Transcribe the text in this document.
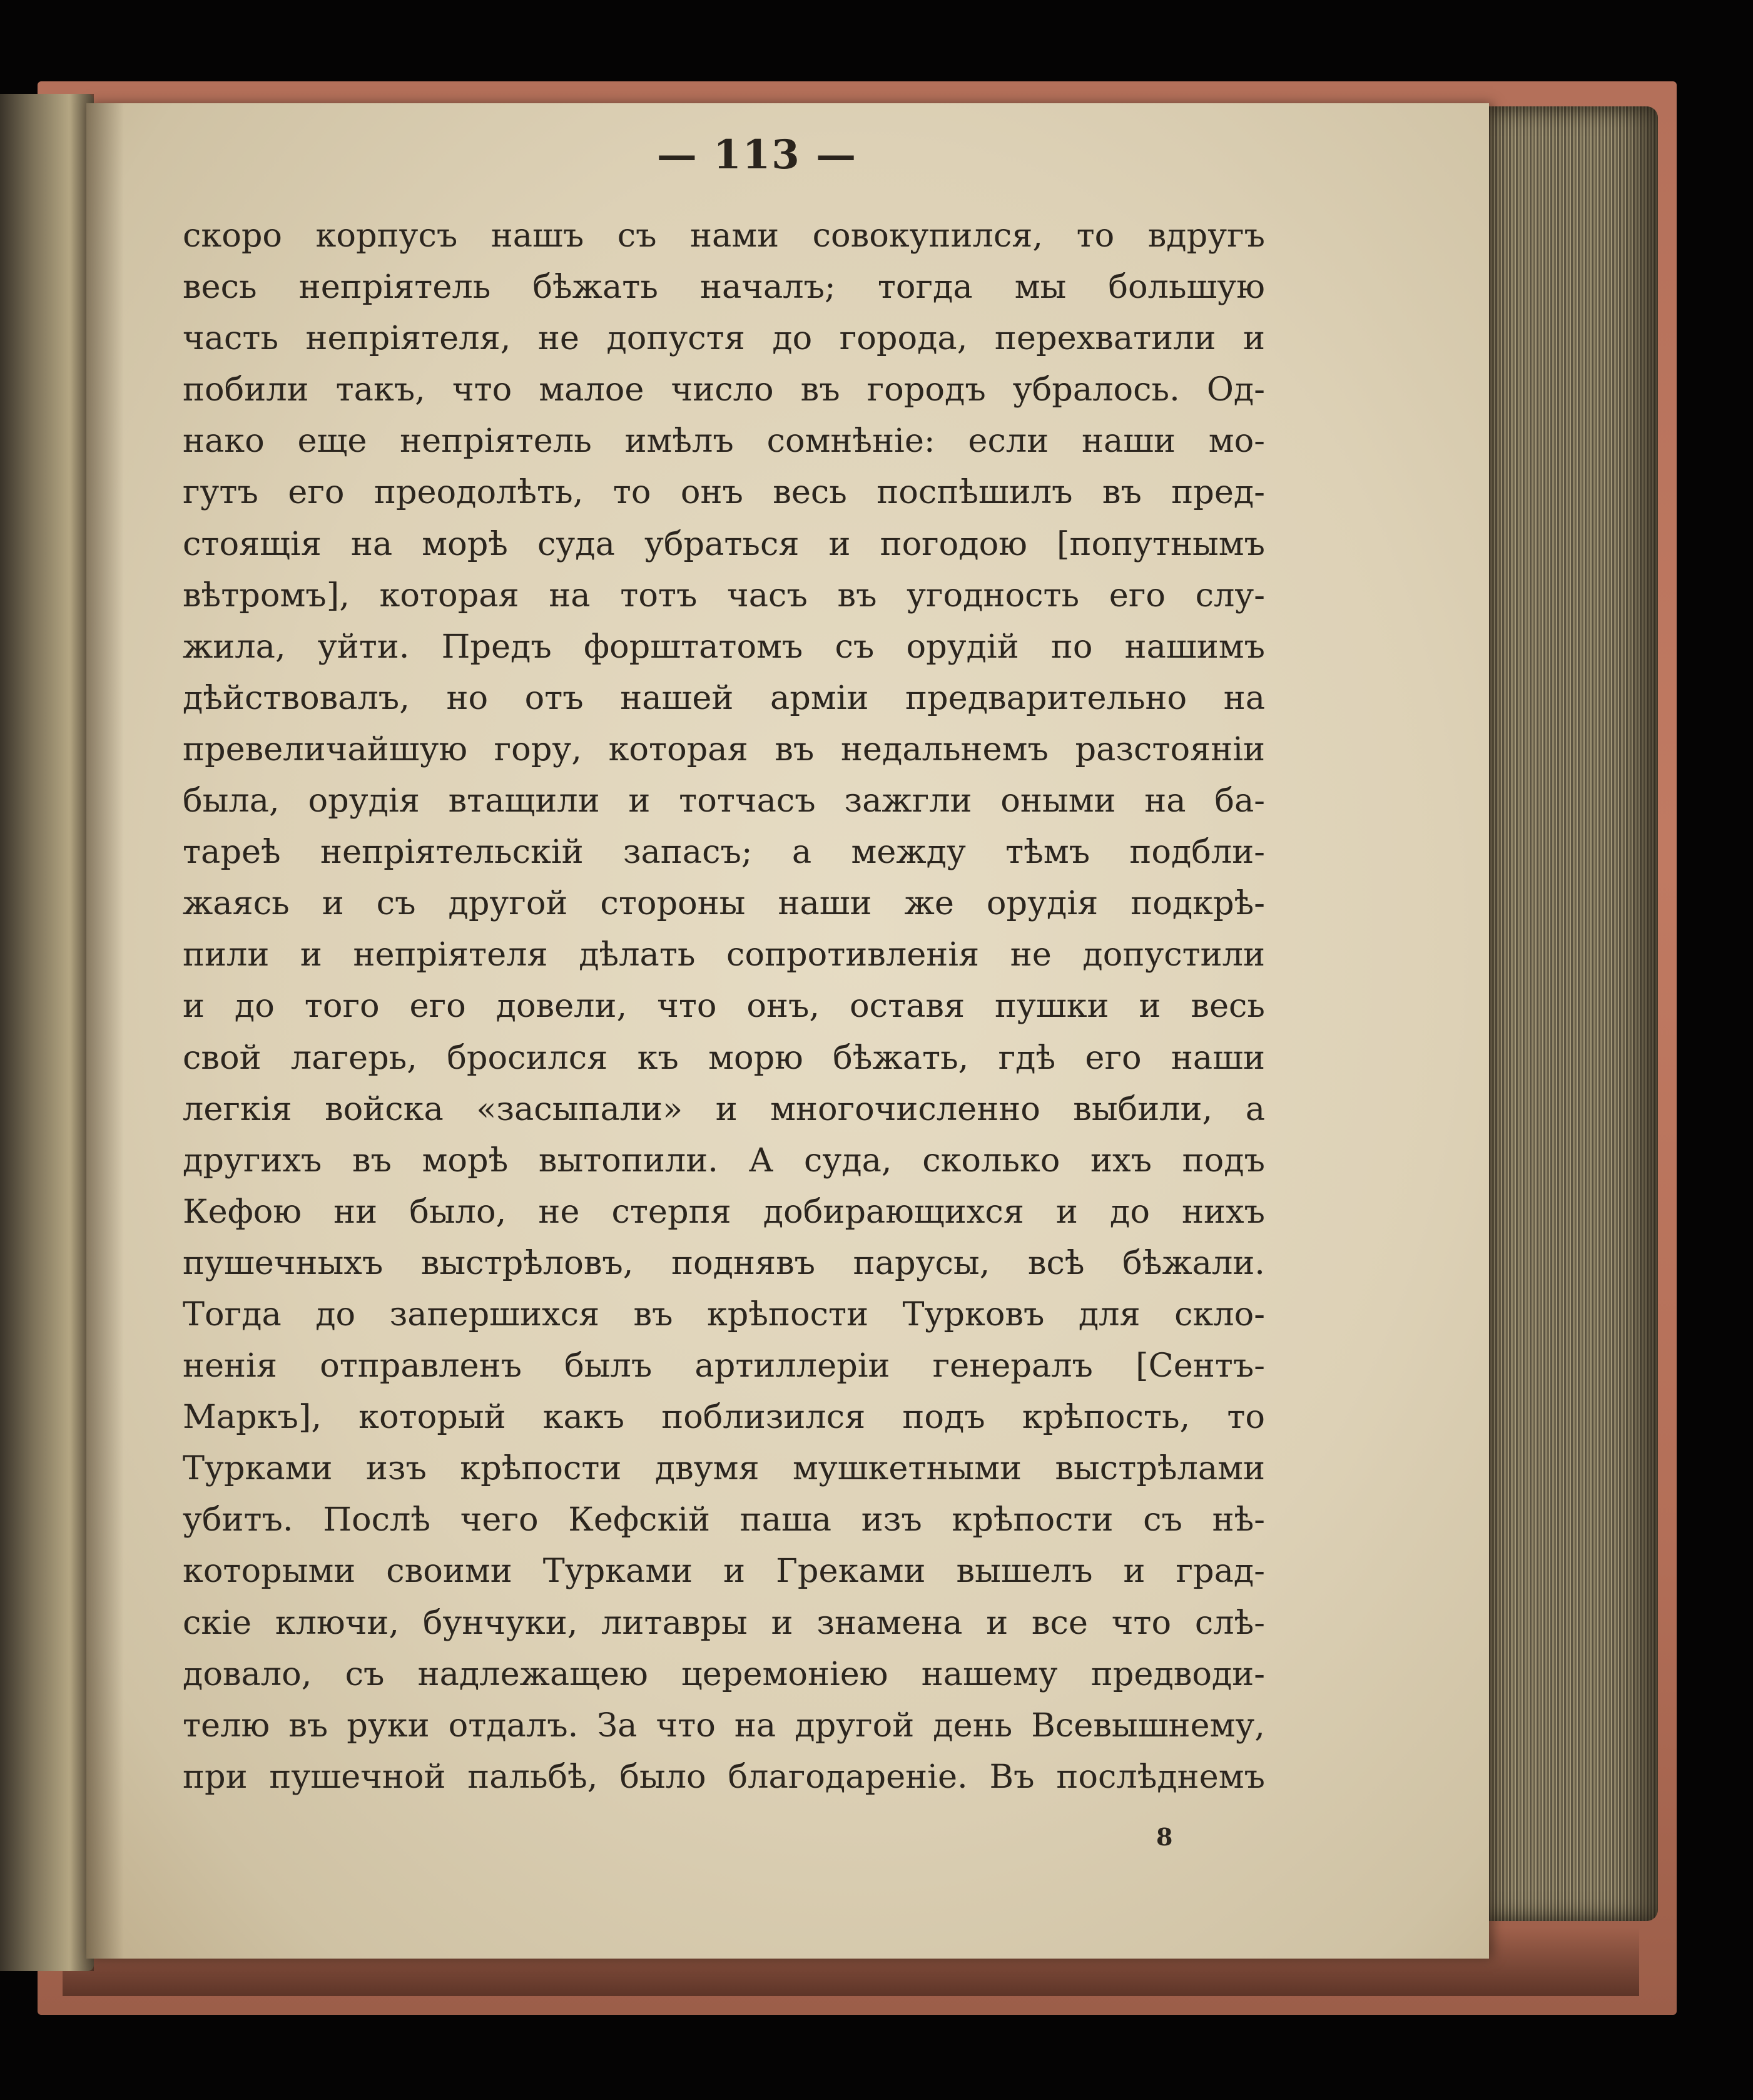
— 113 —
скоро корпусъ нашъ съ нами совокупился, то вдругъ
весь непріятель бѣжать началъ; тогда мы большую
часть непріятеля, не допустя до города, перехватили и
побили такъ, что малое число въ городъ убралось. Од-
нако еще непріятель имѣлъ сомнѣніе: если наши мо-
гутъ его преодолѣть, то онъ весь поспѣшилъ въ пред-
стоящія на морѣ суда убраться и погодою [попутнымъ
вѣтромъ], которая на тотъ часъ въ угодность его слу-
жила, уйти. Предъ форштатомъ съ орудій по нашимъ
дѣйствовалъ, но отъ нашей арміи предварительно на
превеличайшую гору, которая въ недальнемъ разстояніи
была, орудія втащили и тотчасъ зажгли оными на ба-
тареѣ непріятельскій запасъ; а между тѣмъ подбли-
жаясь и съ другой стороны наши же орудія подкрѣ-
пили и непріятеля дѣлать сопротивленія не допустили
и до того его довели, что онъ, оставя пушки и весь
свой лагерь, бросился къ морю бѣжать, гдѣ его наши
легкія войска «засыпали» и многочисленно выбили, а
другихъ въ морѣ вытопили. А суда, сколько ихъ подъ
Кефою ни было, не стерпя добирающихся и до нихъ
пушечныхъ выстрѣловъ, поднявъ парусы, всѣ бѣжали.
Тогда до запершихся въ крѣпости Турковъ для скло-
ненія отправленъ былъ артиллеріи генералъ [Сентъ-
Маркъ], который какъ поблизился подъ крѣпость, то
Турками изъ крѣпости двумя мушкетными выстрѣлами
убитъ. Послѣ чего Кефскій паша изъ крѣпости съ нѣ-
которыми своими Турками и Греками вышелъ и град-
скіе ключи, бунчуки, литавры и знамена и все что слѣ-
довало, съ надлежащею церемоніею нашему предводи-
телю въ руки отдалъ. За что на другой день Всевышнему,
при пушечной пальбѣ, было благодареніе. Въ послѣднемъ
8
